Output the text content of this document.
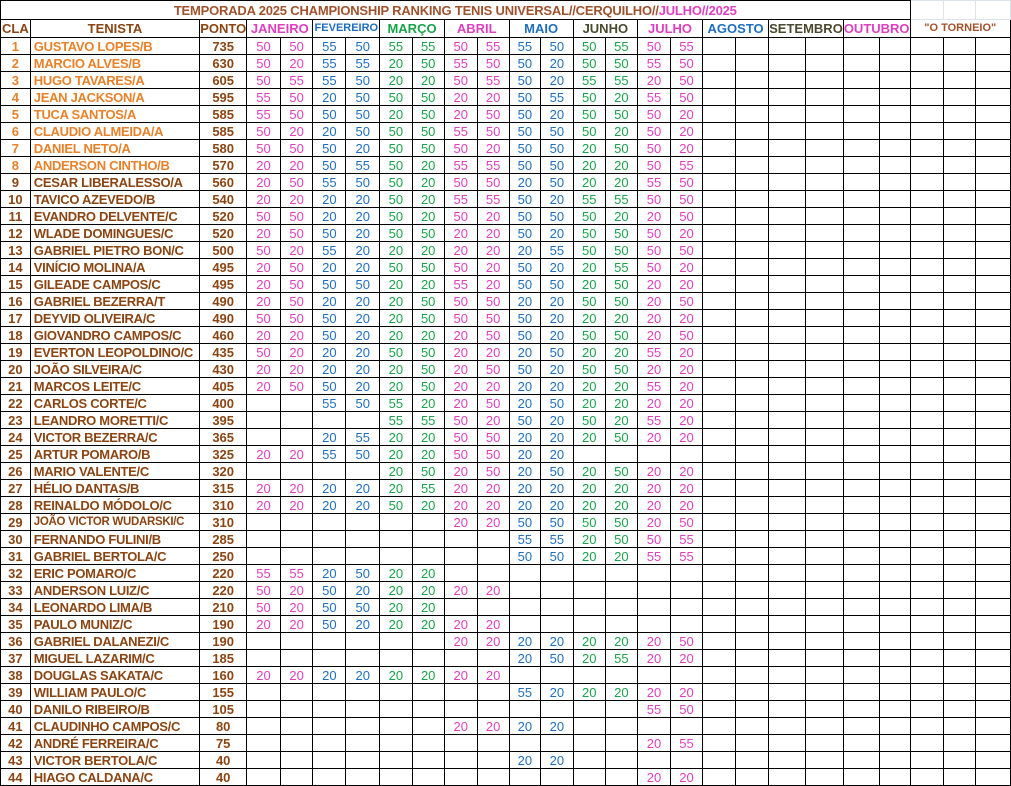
TEMPORADA 2025 CHAMPIONSHIP RANKING TENIS UNIVERSAL//CERQUILHO//JULHO//2025																									
CLA	TENISTA	PONTO	JANEIRO		FEVEREIRO		MARÇO		ABRIL		MAIO		JUNHO		JULHO		AGOSTO		SETEMBRO		OUTUBRO		"O TORNEIO"		
1	GUSTAVO LOPES/B	735	50	50	55	50	55	55	50	55	55	50	50	55	50	55									
2	MARCIO ALVES/B	630	50	20	55	55	20	50	55	50	50	20	50	50	55	50									
3	HUGO TAVARES/A	605	50	55	55	50	20	20	50	55	50	20	55	55	20	50									
4	JEAN JACKSON/A	595	55	50	20	50	50	50	20	20	50	55	50	20	55	50									
5	TUCA SANTOS/A	585	55	50	50	50	20	50	20	50	50	20	50	50	50	20									
6	CLAUDIO ALMEIDA/A	585	50	20	20	50	50	50	55	50	50	50	50	20	50	20									
7	DANIEL NETO/A	580	50	50	50	20	50	50	50	20	50	50	20	50	50	20									
8	ANDERSON CINTHO/B	570	20	20	50	55	50	20	55	55	50	50	20	20	50	55									
9	CESAR LIBERALESSO/A	560	20	50	55	50	50	20	50	50	20	50	20	20	55	50									
10	TAVICO AZEVEDO/B	540	20	20	20	20	50	20	55	55	50	20	55	55	50	50									
11	EVANDRO DELVENTE/C	520	50	50	20	20	50	20	50	20	50	50	50	20	20	50									
12	WLADE DOMINGUES/C	520	20	50	50	20	50	50	20	20	50	20	50	50	50	20									
13	GABRIEL PIETRO BON/C	500	50	20	55	20	20	20	20	20	20	55	50	50	50	50									
14	VINÍCIO MOLINA/A	495	20	50	20	20	50	50	50	20	50	20	20	55	50	20									
15	GILEADE CAMPOS/C	495	20	50	50	50	20	20	55	20	50	50	20	50	20	20									
16	GABRIEL BEZERRA/T	490	20	50	20	20	20	50	50	50	20	20	50	50	20	50									
17	DEYVID OLIVEIRA/C	490	50	50	50	20	20	50	50	50	50	20	20	20	20	20									
18	GIOVANDRO CAMPOS/C	460	20	20	50	20	20	20	20	50	50	20	50	50	20	50									
19	EVERTON LEOPOLDINO/C	435	50	20	20	20	50	50	20	20	20	50	20	20	55	20									
20	JOÃO SILVEIRA/C	430	20	20	20	20	20	50	20	50	50	20	50	50	20	20									
21	MARCOS LEITE/C	405	20	50	50	20	20	50	20	20	20	20	20	20	55	20									
22	CARLOS CORTE/C	400			55	50	55	20	20	50	20	50	20	20	20	20									
23	LEANDRO MORETTI/C	395					55	55	50	20	50	20	50	20	55	20									
24	VICTOR BEZERRA/C	365			20	55	20	20	50	50	20	20	20	50	20	20									
25	ARTUR POMARO/B	325	20	20	55	50	20	20	50	50	20	20													
26	MARIO VALENTE/C	320					20	50	20	50	20	50	20	50	20	20									
27	HÉLIO DANTAS/B	315	20	20	20	20	20	55	20	20	20	20	20	20	20	20									
28	REINALDO MÓDOLO/C	310	20	20	20	20	50	20	20	20	20	20	20	20	20	20									
29	JOÃO VICTOR WUDARSKI/C	310							20	20	50	50	50	50	20	50									
30	FERNANDO FULINI/B	285									55	55	20	50	50	55									
31	GABRIEL BERTOLA/C	250									50	50	20	20	55	55									
32	ERIC POMARO/C	220	55	55	20	50	20	20																	
33	ANDERSON LUIZ/C	220	50	20	50	20	20	20	20	20															
34	LEONARDO LIMA/B	210	50	20	50	50	20	20																	
35	PAULO MUNIZ/C	190	20	20	50	20	20	20	20	20															
36	GABRIEL DALANEZI/C	190							20	20	20	20	20	20	20	50									
37	MIGUEL LAZARIM/C	185									20	50	20	55	20	20									
38	DOUGLAS SAKATA/C	160	20	20	20	20	20	20	20	20															
39	WILLIAM PAULO/C	155									55	20	20	20	20	20									
40	DANILO RIBEIRO/B	105													55	50									
41	CLAUDINHO CAMPOS/C	80							20	20	20	20													
42	ANDRÉ FERREIRA/C	75													20	55									
43	VICTOR BERTOLA/C	40									20	20													
44	HIAGO CALDANA/C	40													20	20									
